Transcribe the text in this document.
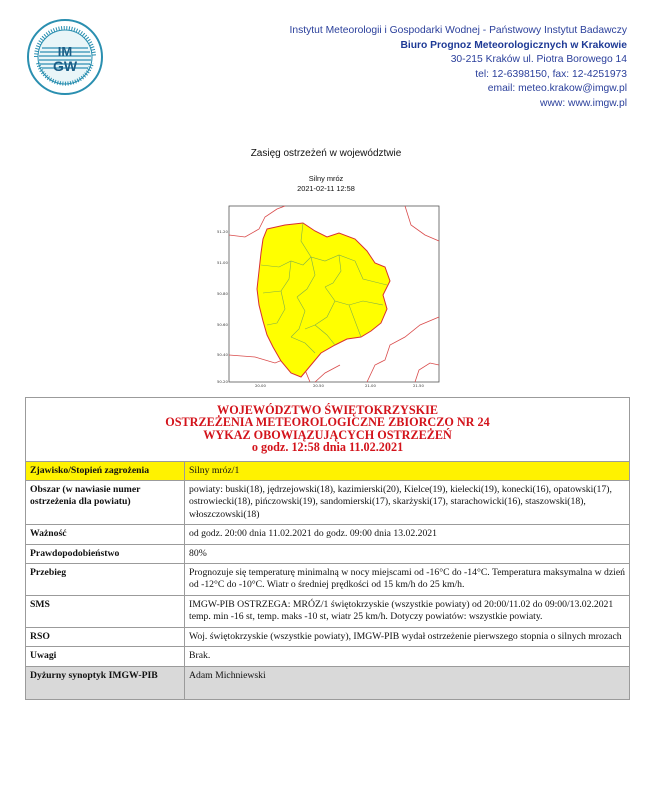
IM
GW
Instytut Meteorologii i Gospodarki Wodnej - Państwowy Instytut Badawczy
Biuro Prognoz Meteorologicznych w Krakowie
30-215 Kraków ul. Piotra Borowego 14
tel: 12-6398150, fax: 12-4251973
email: meteo.krakow@imgw.pl
www: www.imgw.pl
Zasięg ostrzeżeń w województwie
Silny mróz
2021-02-11 12:58
51.20
51.00
50.80
50.60
50.40
50.20
20.00	20.50	21.00	21.50
WOJEWÓDZTWO ŚWIĘTOKRZYSKIE
OSTRZEŻENIA METEOROLOGICZNE ZBIORCZO NR 24
WYKAZ OBOWIĄZUJĄCYCH OSTRZEŻEŃ
o godz. 12:58 dnia 11.02.2021	

Zjawisko/Stopień zagrożenia	Silny mróz/1
Obszar (w nawiasie numer ostrzeżenia dla powiatu)	powiaty: buski(18), jędrzejowski(18), kazimierski(20), Kielce(19), kielecki(19), konecki(16), opatowski(17), ostrowiecki(18), pińczowski(19), sandomierski(17), skarżyski(17), starachowicki(16), staszowski(18), włoszczowski(18)
Ważność	od godz. 20:00 dnia 11.02.2021 do godz. 09:00 dnia 13.02.2021
Prawdopodobieństwo	80%
Przebieg	Prognozuje się temperaturę minimalną w nocy miejscami od -16°C do -14°C. Temperatura maksymalna w dzień od -12°C do -10°C. Wiatr o średniej prędkości od 15 km/h do 25 km/h.
SMS	IMGW-PIB OSTRZEGA: MRÓZ/1 świętokrzyskie (wszystkie powiaty) od 20:00/11.02 do 09:00/13.02.2021 temp. min -16 st, temp. maks -10 st, wiatr 25 km/h. Dotyczy powiatów: wszystkie powiaty.
RSO	Woj. świętokrzyskie (wszystkie powiaty), IMGW-PIB wydał ostrzeżenie pierwszego stopnia o silnych mrozach
Uwagi	Brak.
Dyżurny synoptyk IMGW-PIB	Adam Michniewski
